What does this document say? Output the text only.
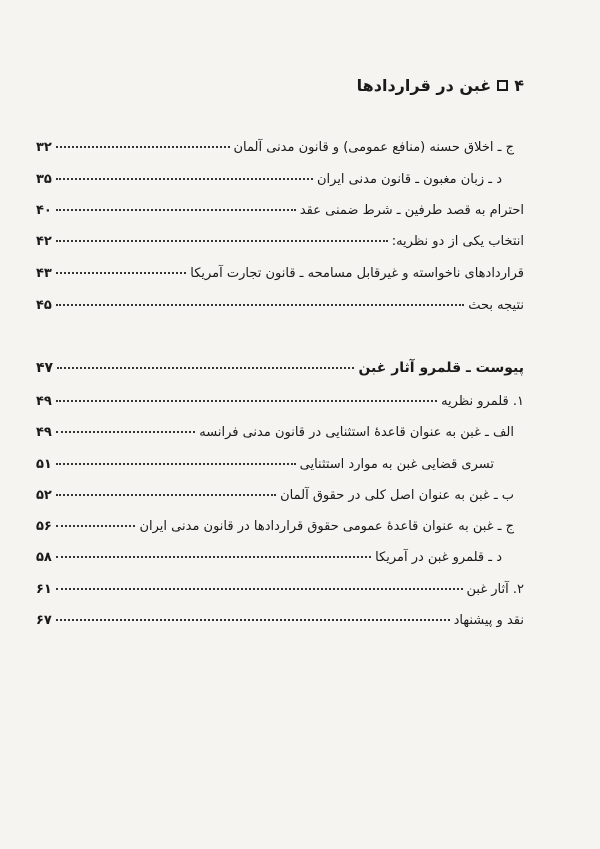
۴
غبن در قراردادها
ج ـ اخلاق حسنه (منافع عمومی) و قانون مدنی آلمان
۳۲
د ـ زبان مغبون ـ قانون مدنی ایران
۳۵
احترام به قصد طرفین ـ شرط ضمنی عقد
۴۰
انتخاب یکی از دو نظریه:
۴۲
قراردادهای ناخواسته و غیرقابل مسامحه ـ قانون تجارت آمریکا
۴۳
نتیجه بحث
۴۵
پیوست ـ قلمرو آثار غبن
۴۷
۱. قلمرو نظریه
۴۹
الف ـ غبن به عنوان قاعدهٔ استثنایی در قانون مدنی فرانسه
۴۹
تسری قضایی غبن به موارد استثنایی
۵۱
ب ـ غبن به عنوان اصل کلی در حقوق آلمان
۵۲
ج ـ غبن به عنوان قاعدهٔ عمومی حقوق قراردادها در قانون مدنی ایران
۵۶
د ـ قلمرو غبن در آمریکا
۵۸
۲. آثار غبن
۶۱
نقد و پیشنهاد
۶۷
